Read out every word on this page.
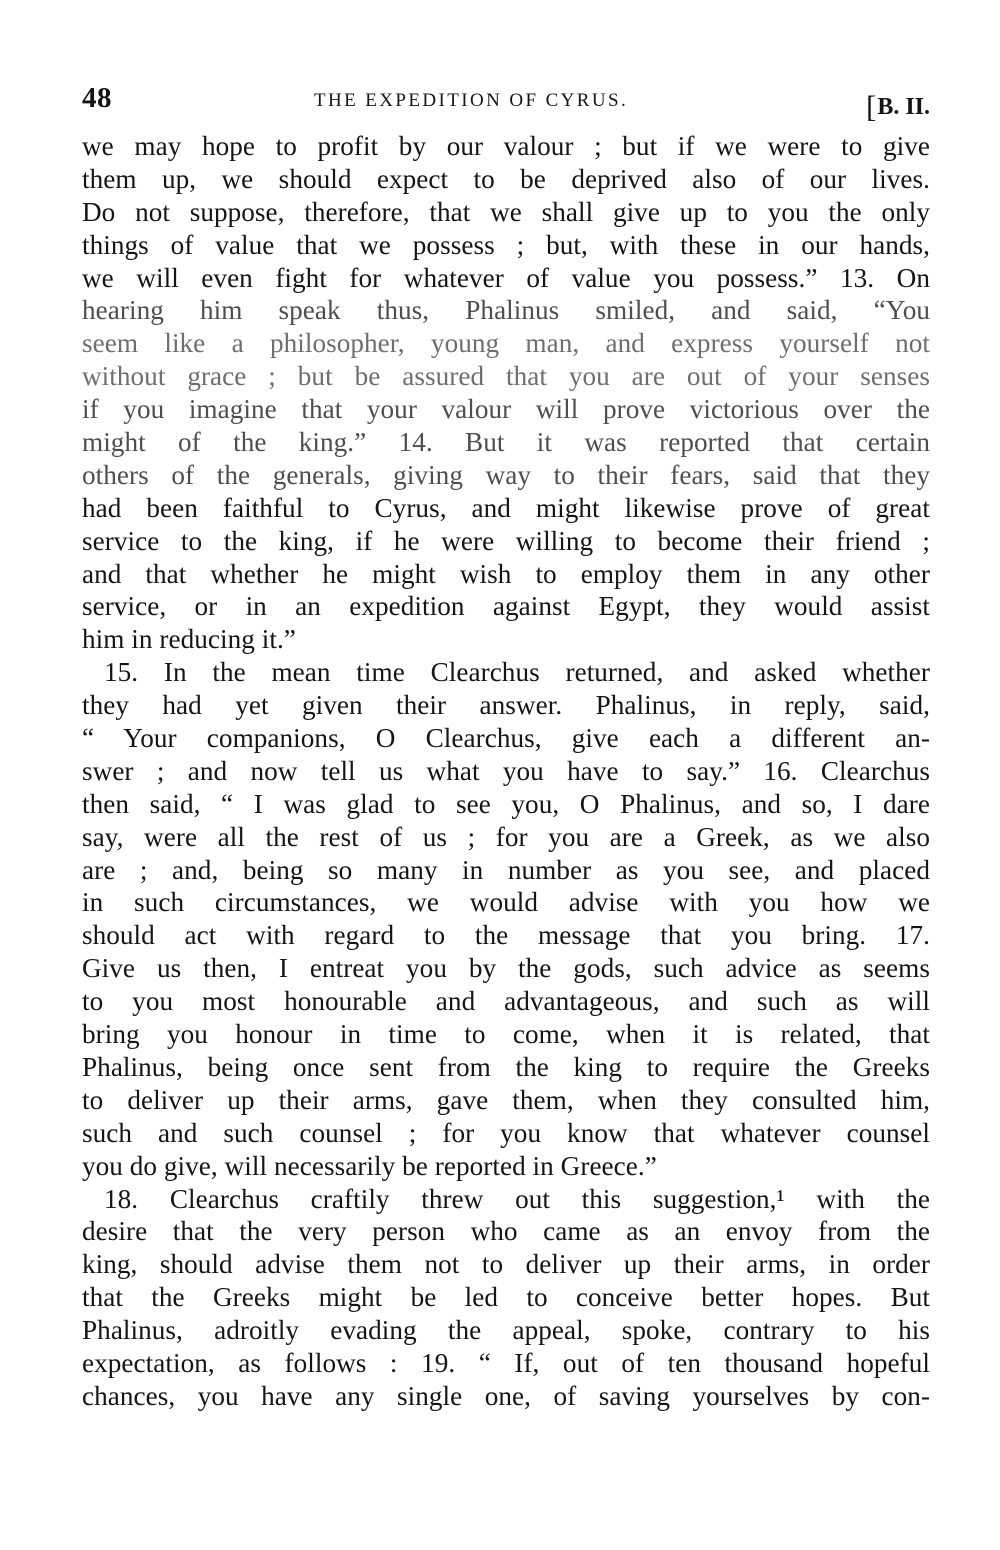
48	THE EXPEDITION OF CYRUS.	[B. II.
we may hope to profit by our valour ; but if we were to give
them up, we should expect to be deprived also of our lives.
Do not suppose, therefore, that we shall give up to you the only
things of value that we possess ; but, with these in our hands,
we will even fight for whatever of value you possess.” 13. On
hearing him speak thus, Phalinus smiled, and said, “You
seem like a philosopher, young man, and express yourself not
without grace ; but be assured that you are out of your senses
if you imagine that your valour will prove victorious over the
might of the king.” 14. But it was reported that certain
others of the generals, giving way to their fears, said that they
had been faithful to Cyrus, and might likewise prove of great
service to the king, if he were willing to become their friend ;
and that whether he might wish to employ them in any other
service, or in an expedition against Egypt, they would assist
him in reducing it.”
15. In the mean time Clearchus returned, and asked whether
they had yet given their answer. Phalinus, in reply, said,
“ Your companions, O Clearchus, give each a different an-
swer ; and now tell us what you have to say.” 16. Clearchus
then said, “ I was glad to see you, O Phalinus, and so, I dare
say, were all the rest of us ; for you are a Greek, as we also
are ; and, being so many in number as you see, and placed
in such circumstances, we would advise with you how we
should act with regard to the message that you bring. 17.
Give us then, I entreat you by the gods, such advice as seems
to you most honourable and advantageous, and such as will
bring you honour in time to come, when it is related, that
Phalinus, being once sent from the king to require the Greeks
to deliver up their arms, gave them, when they consulted him,
such and such counsel ; for you know that whatever counsel
you do give, will necessarily be reported in Greece.”
18. Clearchus craftily threw out this suggestion,¹ with the
desire that the very person who came as an envoy from the
king, should advise them not to deliver up their arms, in order
that the Greeks might be led to conceive better hopes. But
Phalinus, adroitly evading the appeal, spoke, contrary to his
expectation, as follows : 19. “ If, out of ten thousand hopeful
chances, you have any single one, of saving yourselves by con-
